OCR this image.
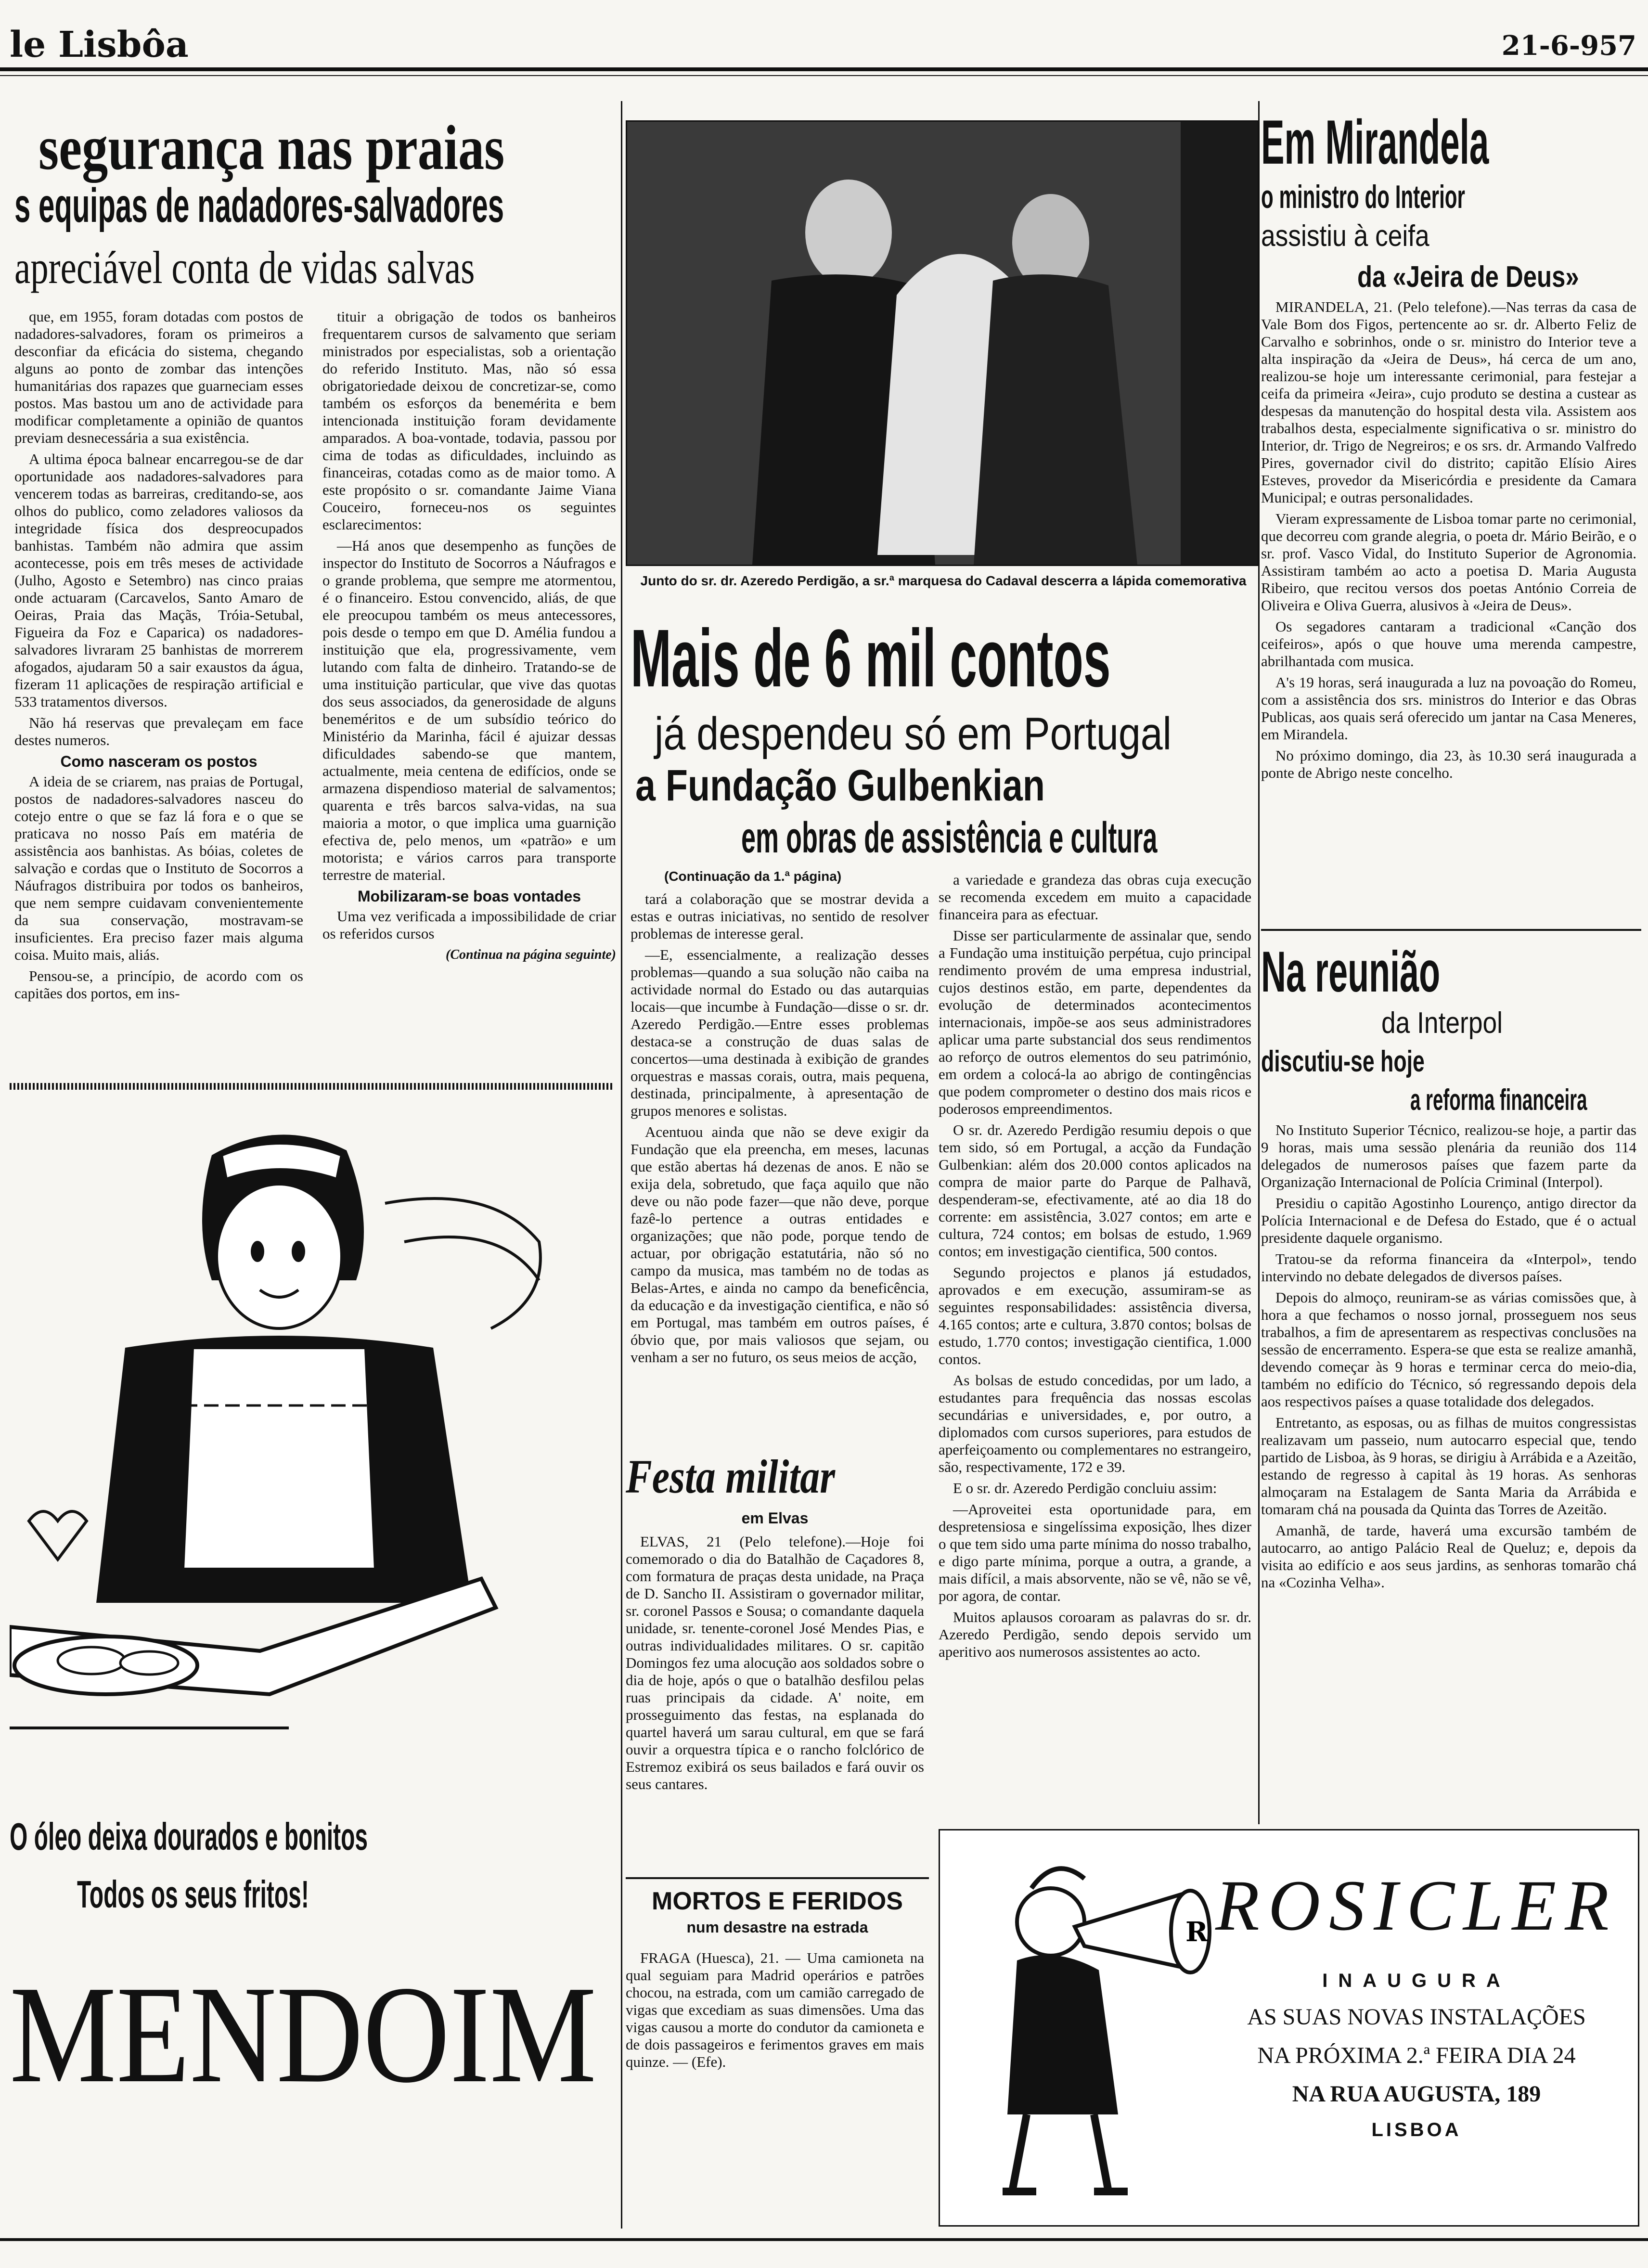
le Lisbôa	21-6-957
segurança nas praias
s equipas de nadadores-salvadores
apreciável conta de vidas salvas

que, em 1955, foram dotadas com postos de nadadores-salvadores, foram os primeiros a desconfiar da eficácia do sistema, chegando alguns ao ponto de zombar das intenções humanitárias dos rapazes que guarneciam esses postos. Mas bastou um ano de actividade para modificar completamente a opinião de quantos previam desnecessária a sua existência.

A ultima época balnear encarregou-se de dar oportunidade aos nadadores-salvadores para vencerem todas as barreiras, creditando-se, aos olhos do publico, como zeladores valiosos da integridade física dos despreocupados banhistas. Também não admira que assim acontecesse, pois em três meses de actividade (Julho, Agosto e Setembro) nas cinco praias onde actuaram (Carcavelos, Santo Amaro de Oeiras, Praia das Maçãs, Tróia-Setubal, Figueira da Foz e Caparica) os nadadores-salvadores livraram 25 banhistas de morrerem afogados, ajudaram 50 a sair exaustos da água, fizeram 11 aplicações de respiração artificial e 533 tratamentos diversos.

Não há reservas que prevaleçam em face destes numeros.

Como nasceram os postos

A ideia de se criarem, nas praias de Portugal, postos de nadadores-salvadores nasceu do cotejo entre o que se faz lá fora e o que se praticava no nosso País em matéria de assistência aos banhistas. As bóias, coletes de salvação e cordas que o Instituto de Socorros a Náufragos distribuira por todos os banheiros, que nem sempre cuidavam convenientemente da sua conservação, mostravam-se insuficientes. Era preciso fazer mais alguma coisa. Muito mais, aliás.

Pensou-se, a princípio, de acordo com os capitães dos portos, em ins-

tituir a obrigação de todos os banheiros frequentarem cursos de salvamento que seriam ministrados por especialistas, sob a orientação do referido Instituto. Mas, não só essa obrigatoriedade deixou de concretizar-se, como também os esforços da benemérita e bem intencionada instituição foram devidamente amparados. A boa-vontade, todavia, passou por cima de todas as dificuldades, incluindo as financeiras, cotadas como as de maior tomo. A este propósito o sr. comandante Jaime Viana Couceiro, forneceu-nos os seguintes esclarecimentos:

—Há anos que desempenho as funções de inspector do Instituto de Socorros a Náufragos e o grande problema, que sempre me atormentou, é o financeiro. Estou convencido, aliás, de que ele preocupou também os meus antecessores, pois desde o tempo em que D. Amélia fundou a instituição que ela, progressivamente, vem lutando com falta de dinheiro. Tratando-se de uma instituição particular, que vive das quotas dos seus associados, da generosidade de alguns beneméritos e de um subsídio teórico do Ministério da Marinha, fácil é ajuizar dessas dificuldades sabendo-se que mantem, actualmente, meia centena de edifícios, onde se armazena dispendioso material de salvamentos; quarenta e três barcos salva-vidas, na sua maioria a motor, o que implica uma guarnição efectiva de, pelo menos, um «patrão» e um motorista; e vários carros para transporte terrestre de material.

Mobilizaram-se boas vontades

Uma vez verificada a impossibilidade de criar os referidos cursos

(Continua na página seguinte)
O óleo deixa dourados e bonitos
Todos os seus fritos!
MENDOIM
Junto do sr. dr. Azeredo Perdigão, a sr.ª marquesa do Cadaval descerra a lápida comemorativa
Mais de 6 mil contos
já despendeu só em Portugal
a Fundação Gulbenkian
em obras de assistência e cultura
(Continuação da 1.ª página)

tará a colaboração que se mostrar devida a estas e outras iniciativas, no sentido de resolver problemas de interesse geral.

—E, essencialmente, a realização desses problemas—quando a sua solução não caiba na actividade normal do Estado ou das autarquias locais—que incumbe à Fundação—disse o sr. dr. Azeredo Perdigão.—Entre esses problemas destaca-se a construção de duas salas de concertos—uma destinada à exibição de grandes orquestras e massas corais, outra, mais pequena, destinada, principalmente, à apresentação de grupos menores e solistas.

Acentuou ainda que não se deve exigir da Fundação que ela preencha, em meses, lacunas que estão abertas há dezenas de anos. E não se exija dela, sobretudo, que faça aquilo que não deve ou não pode fazer—que não deve, porque fazê-lo pertence a outras entidades e organizações; que não pode, porque tendo de actuar, por obrigação estatutária, não só no campo da musica, mas também no de todas as Belas-Artes, e ainda no campo da beneficência, da educação e da investigação cientifica, e não só em Portugal, mas também em outros países, é óbvio que, por mais valiosos que sejam, ou venham a ser no futuro, os seus meios de acção,

a variedade e grandeza das obras cuja execução se recomenda excedem em muito a capacidade financeira para as efectuar.

Disse ser particularmente de assinalar que, sendo a Fundação uma instituição perpétua, cujo principal rendimento provém de uma empresa industrial, cujos destinos estão, em parte, dependentes da evolução de determinados acontecimentos internacionais, impõe-se aos seus administradores aplicar uma parte substancial dos seus rendimentos ao reforço de outros elementos do seu património, em ordem a colocá-la ao abrigo de contingências que podem comprometer o destino dos mais ricos e poderosos empreendimentos.

O sr. dr. Azeredo Perdigão resumiu depois o que tem sido, só em Portugal, a acção da Fundação Gulbenkian: além dos 20.000 contos aplicados na compra de maior parte do Parque de Palhavã, despenderam-se, efectivamente, até ao dia 18 do corrente: em assistência, 3.027 contos; em arte e cultura, 724 contos; em bolsas de estudo, 1.969 contos; em investigação cientifica, 500 contos.

Segundo projectos e planos já estudados, aprovados e em execução, assumiram-se as seguintes responsabilidades: assistência diversa, 4.165 contos; arte e cultura, 3.870 contos; bolsas de estudo, 1.770 contos; investigação cientifica, 1.000 contos.

As bolsas de estudo concedidas, por um lado, a estudantes para frequência das nossas escolas secundárias e universidades, e, por outro, a diplomados com cursos superiores, para estudos de aperfeiçoamento ou complementares no estrangeiro, são, respectivamente, 172 e 39.

E o sr. dr. Azeredo Perdigão concluiu assim:

—Aproveitei esta oportunidade para, em despretensiosa e singelíssima exposição, lhes dizer o que tem sido uma parte mínima do nosso trabalho, e digo parte mínima, porque a outra, a grande, a mais difícil, a mais absorvente, não se vê, não se vê, por agora, de contar.

Muitos aplausos coroaram as palavras do sr. dr. Azeredo Perdigão, sendo depois servido um aperitivo aos numerosos assistentes ao acto.

Festa militar
em Elvas

ELVAS, 21 (Pelo telefone).—Hoje foi comemorado o dia do Batalhão de Caçadores 8, com formatura de praças desta unidade, na Praça de D. Sancho II. Assistiram o governador militar, sr. coronel Passos e Sousa; o comandante daquela unidade, sr. tenente-coronel José Mendes Pias, e outras individualidades militares. O sr. capitão Domingos fez uma alocução aos soldados sobre o dia de hoje, após o que o batalhão desfilou pelas ruas principais da cidade. A' noite, em prosseguimento das festas, na esplanada do quartel haverá um sarau cultural, em que se fará ouvir a orquestra típica e o rancho folclórico de Estremoz exibirá os seus bailados e fará ouvir os seus cantares.

MORTOS E FERIDOS
num desastre na estrada

FRAGA (Huesca), 21. — Uma camioneta na qual seguiam para Madrid operários e patrões chocou, na estrada, com um camião carregado de vigas que excediam as suas dimensões. Uma das vigas causou a morte do condutor da camioneta e de dois passageiros e ferimentos graves em mais quinze. — (Efe).

Em Mirandela
o ministro do Interior
assistiu à ceifa
da «Jeira de Deus»

MIRANDELA, 21. (Pelo telefone).—Nas terras da casa de Vale Bom dos Figos, pertencente ao sr. dr. Alberto Feliz de Carvalho e sobrinhos, onde o sr. ministro do Interior teve a alta inspiração da «Jeira de Deus», há cerca de um ano, realizou-se hoje um interessante cerimonial, para festejar a ceifa da primeira «Jeira», cujo produto se destina a custear as despesas da manutenção do hospital desta vila. Assistem aos trabalhos desta, especialmente significativa o sr. ministro do Interior, dr. Trigo de Negreiros; e os srs. dr. Armando Valfredo Pires, governador civil do distrito; capitão Elísio Aires Esteves, provedor da Misericórdia e presidente da Camara Municipal; e outras personalidades.

Vieram expressamente de Lisboa tomar parte no cerimonial, que decorreu com grande alegria, o poeta dr. Mário Beirão, e o sr. prof. Vasco Vidal, do Instituto Superior de Agronomia. Assistiram também ao acto a poetisa D. Maria Augusta Ribeiro, que recitou versos dos poetas António Correia de Oliveira e Oliva Guerra, alusivos à «Jeira de Deus».

Os segadores cantaram a tradicional «Canção dos ceifeiros», após o que houve uma merenda campestre, abrilhantada com musica.

A's 19 horas, será inaugurada a luz na povoação do Romeu, com a assistência dos srs. ministros do Interior e das Obras Publicas, aos quais será oferecido um jantar na Casa Meneres, em Mirandela.

No próximo domingo, dia 23, às 10.30 será inaugurada a ponte de Abrigo neste concelho.

Na reunião
da Interpol
discutiu-se hoje
a reforma financeira

No Instituto Superior Técnico, realizou-se hoje, a partir das 9 horas, mais uma sessão plenária da reunião dos 114 delegados de numerosos países que fazem parte da Organização Internacional de Polícia Criminal (Interpol).

Presidiu o capitão Agostinho Lourenço, antigo director da Polícia Internacional e de Defesa do Estado, que é o actual presidente daquele organismo.

Tratou-se da reforma financeira da «Interpol», tendo intervindo no debate delegados de diversos países.

Depois do almoço, reuniram-se as várias comissões que, à hora a que fechamos o nosso jornal, prosseguem nos seus trabalhos, a fim de apresentarem as respectivas conclusões na sessão de encerramento. Espera-se que esta se realize amanhã, devendo começar às 9 horas e terminar cerca do meio-dia, também no edifício do Técnico, só regressando depois dela aos respectivos países a quase totalidade dos delegados.

Entretanto, as esposas, ou as filhas de muitos congressistas realizavam um passeio, num autocarro especial que, tendo partido de Lisboa, às 9 horas, se dirigiu à Arrábida e a Azeitão, estando de regresso à capital às 19 horas. As senhoras almoçaram na Estalagem de Santa Maria da Arrábida e tomaram chá na pousada da Quinta das Torres de Azeitão.

Amanhã, de tarde, haverá uma excursão também de autocarro, ao antigo Palácio Real de Queluz; e, depois da visita ao edifício e aos seus jardins, as senhoras tomarão chá na «Cozinha Velha».

R ROSICLER
INAUGURA
AS SUAS NOVAS INSTALAÇÕES
NA PRÓXIMA 2.ª FEIRA DIA 24
NA RUA AUGUSTA, 189
LISBOA
